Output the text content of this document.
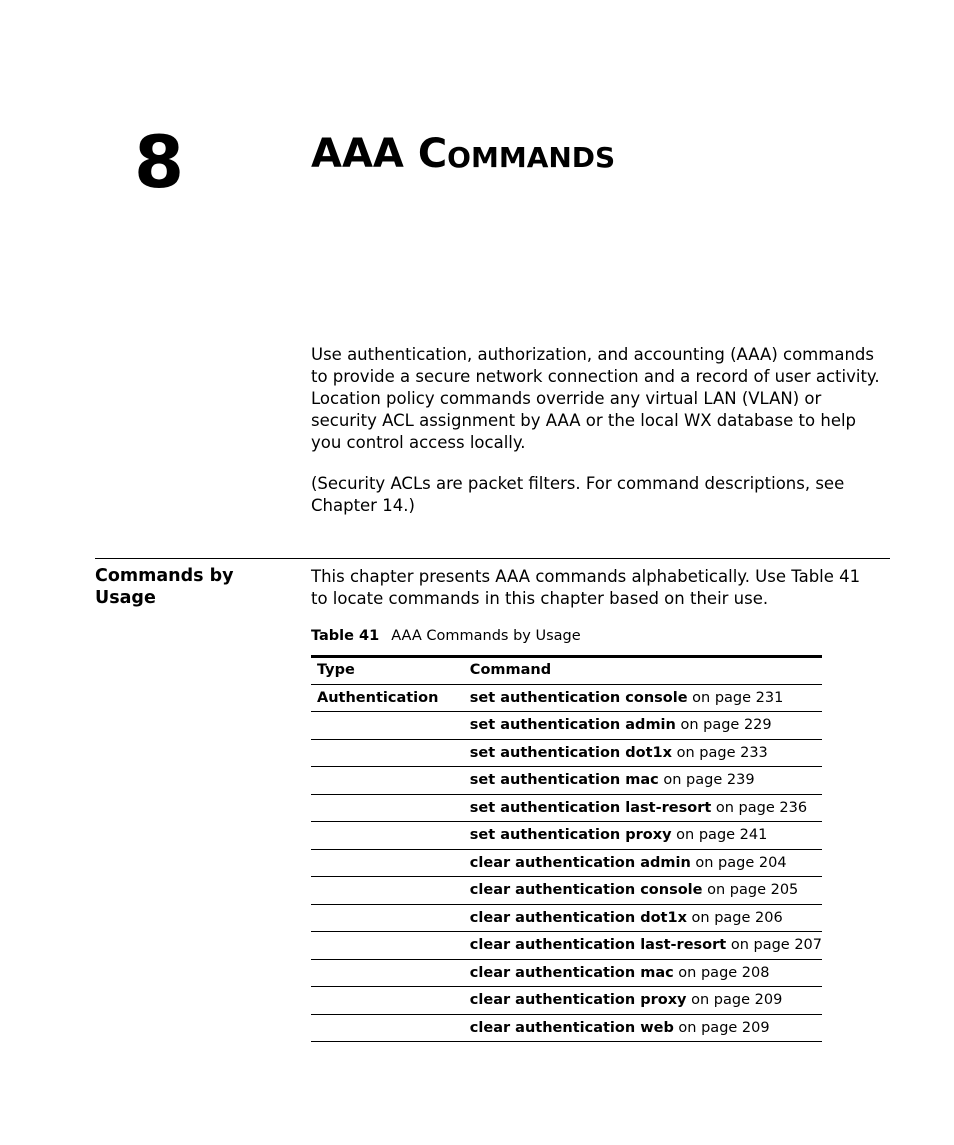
8	AAA Commands

Use authentication, authorization, and accounting (AAA) commands to provide a secure network connection and a record of user activity. Location policy commands override any virtual LAN (VLAN) or security ACL assignment by AAA or the local WX database to help you control access locally.

(Security ACLs are packet filters. For command descriptions, see Chapter 14.)

Commands by Usage

This chapter presents AAA commands alphabetically. Use Table 41 to locate commands in this chapter based on their use.

Table 41 AAA Commands by Usage

Type	Command
Authentication	set authentication console on page 231
	set authentication admin on page 229
	set authentication dot1x on page 233
	set authentication mac on page 239
	set authentication last-resort on page 236
	set authentication proxy on page 241
	clear authentication admin on page 204
	clear authentication console on page 205
	clear authentication dot1x on page 206
	clear authentication last-resort on page 207
	clear authentication mac on page 208
	clear authentication proxy on page 209
	clear authentication web on page 209
